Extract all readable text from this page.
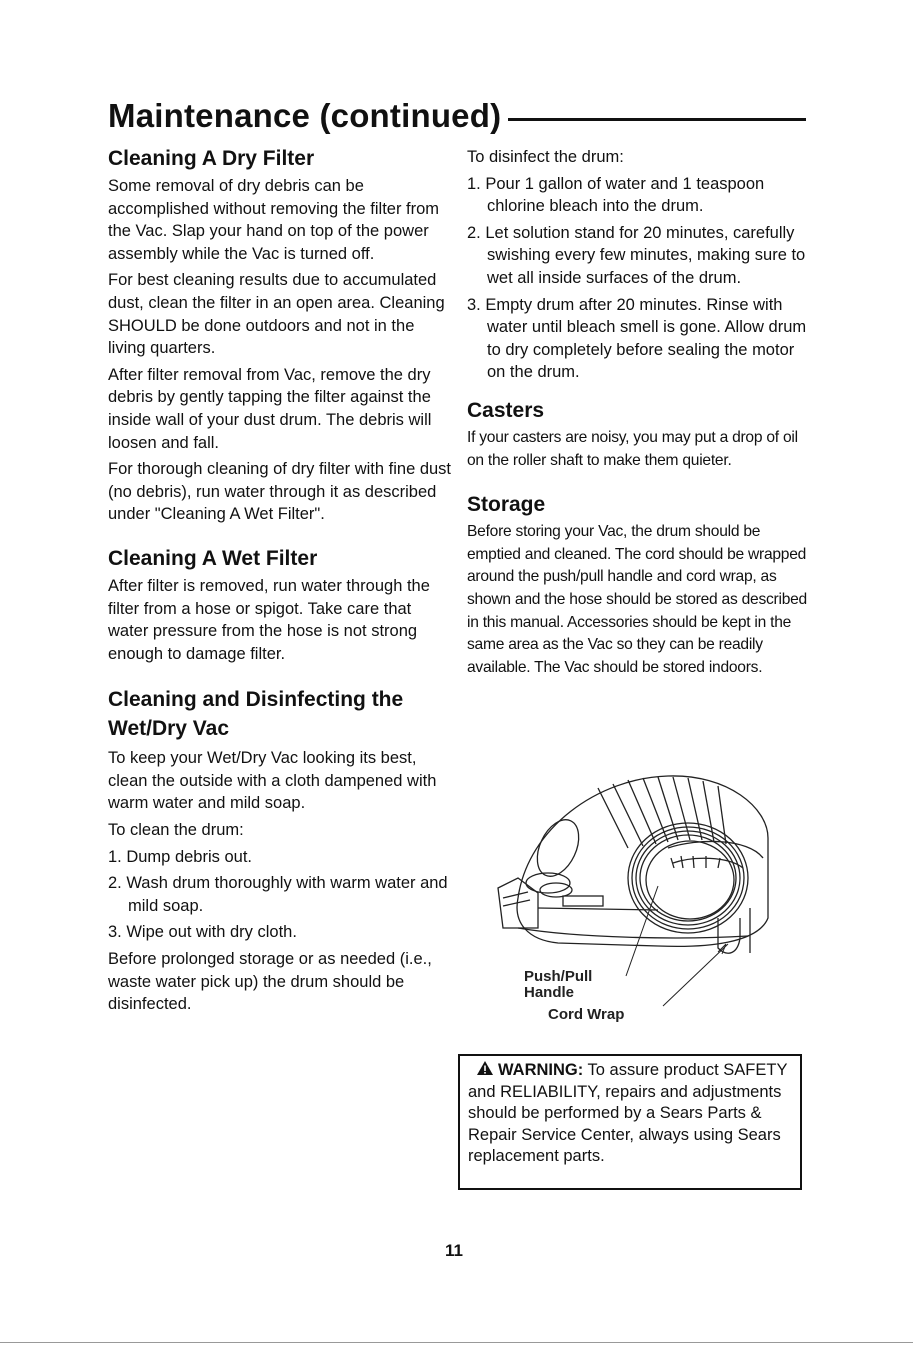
Maintenance (continued)
Cleaning A Dry Filter

Some removal of dry debris can be accomplished without removing the filter from the Vac. Slap your hand on top of the power assembly while the Vac is turned off.

For best cleaning results due to accumulated dust, clean the filter in an open area. Cleaning SHOULD be done outdoors and not in the living quarters.

After filter removal from Vac, remove the dry debris by gently tapping the filter against the inside wall of your dust drum. The debris will loosen and fall.

For thorough cleaning of dry filter with fine dust (no debris), run water through it as described under "Cleaning A Wet Filter".

Cleaning A Wet Filter

After filter is removed, run water through the filter from a hose or spigot. Take care that water pressure from the hose is not strong enough to damage filter.

Cleaning and Disinfecting the Wet/Dry Vac

To keep your Wet/Dry Vac looking its best, clean the outside with a cloth dampened with warm water and mild soap.

To clean the drum:

1. Dump debris out.
2. Wash drum thoroughly with warm water and mild soap.
3. Wipe out with dry cloth.

Before prolonged storage or as needed (i.e., waste water pick up) the drum should be disinfected.

To disinfect the drum:

1. Pour 1 gallon of water and 1 teaspoon chlorine bleach into the drum.
2. Let solution stand for 20 minutes, carefully swishing every few minutes, making sure to wet all inside surfaces of the drum.
3. Empty drum after 20 minutes. Rinse with water until bleach smell is gone. Allow drum to dry completely before sealing the motor on the drum.
Casters

If your casters are noisy, you may put a drop of oil on the roller shaft to make them quieter.

Storage

Before storing your Vac, the drum should be emptied and cleaned. The cord should be wrapped around the push/pull handle and cord wrap, as shown and the hose should be stored as described in this manual. Accessories should be kept in the same area as the Vac so they can be readily available. The Vac should be stored indoors.

Push/Pull
Handle
Cord Wrap

WARNING: To assure product SAFETY and RELIABILITY, repairs and adjustments should be performed by a Sears Parts & Repair Service Center, always using Sears replacement parts.

11
